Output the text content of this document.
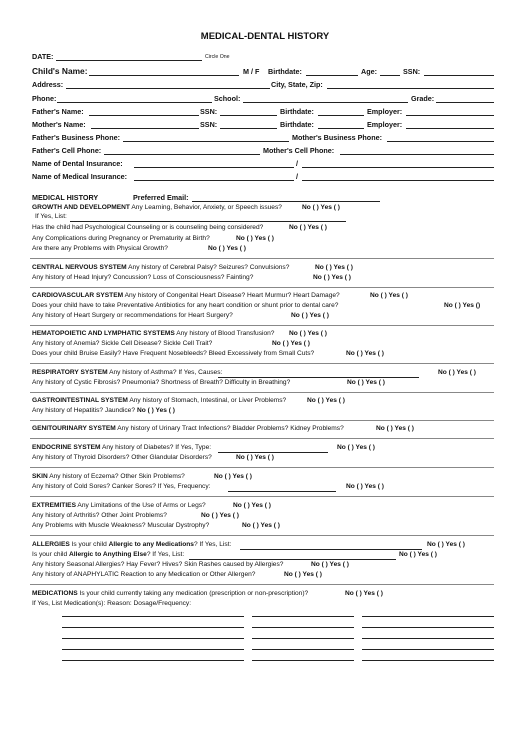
MEDICAL-DENTAL HISTORY
DATE:	Circle One
Child's Name:	M / F Birthdate:	Age:	SSN:
Address:	City, State, Zip:
Phone:	School:	Grade:
Father's Name:	SSN:	Birthdate:	Employer:
Mother's Name:	SSN:	Birthdate:	Employer:
Father's Business Phone:	Mother's Business Phone:
Father's Cell Phone:	Mother's Cell Phone:
Name of Dental Insurance:	/
Name of Medical Insurance:	/
MEDICAL HISTORY	Preferred Email:
GROWTH AND DEVELOPMENT Any Learning, Behavior, Anxiety, or Speech issues?	No ( ) Yes ( )
If Yes, List:
Has the child had Psychological Counseling or is counseling being considered?	No ( ) Yes ( )
Any Complications during Pregnancy or Prematurity at Birth?	No ( ) Yes ( )
Are there any Problems with Physical Growth?	No ( ) Yes ( )
CENTRAL NERVOUS SYSTEM Any history of Cerebral Palsy? Seizures? Convulsions?	No ( ) Yes ( )
Any history of Head Injury? Concussion? Loss of Consciousness? Fainting?	No ( ) Yes ( )
CARDIOVASCULAR SYSTEM Any history of Congenital Heart Disease? Heart Murmur? Heart Damage?	No ( ) Yes ( )
Does your child have to take Preventative Antibiotics for any heart condition or shunt prior to dental care?	No ( ) Yes ()
Any history of Heart Surgery or recommendations for Heart Surgery?	No ( ) Yes ( )
HEMATOPOIETIC AND LYMPHATIC SYSTEMS Any history of Blood Transfusion? No ( ) Yes ( )
Any history of Anemia? Sickle Cell Disease? Sickle Cell Trait?	No ( ) Yes ( )
Does your child Bruise Easily? Have Frequent Nosebleeds? Bleed Excessively from Small Cuts?	No ( ) Yes ( )
RESPIRATORY SYSTEM Any history of Asthma? If Yes, Causes:	No ( ) Yes ( )
Any history of Cystic Fibrosis? Pneumonia? Shortness of Breath? Difficulty in Breathing?	No ( ) Yes ( )
GASTROINTESTINAL SYSTEM Any history of Stomach, Intestinal, or Liver Problems?	No ( ) Yes ( )
Any history of Hepatitis? Jaundice? No ( ) Yes ( )
GENITOURINARY SYSTEM Any history of Urinary Tract Infections? Bladder Problems? Kidney Problems?	No ( ) Yes ( )
ENDOCRINE SYSTEM Any history of Diabetes? If Yes, Type:	No ( ) Yes ( )
Any history of Thyroid Disorders? Other Glandular Disorders?	No ( ) Yes ( )
SKIN Any history of Eczema? Other Skin Problems?	No ( ) Yes ( )
Any history of Cold Sores? Canker Sores? If Yes, Frequency:	No ( ) Yes ( )
EXTREMITIES Any Limitations of the Use of Arms or Legs?	No ( ) Yes ( )
Any history of Arthritis? Other Joint Problems?	No ( ) Yes ( )
Any Problems with Muscle Weakness? Muscular Dystrophy?	No ( ) Yes ( )
ALLERGIES Is your child Allergic to any Medications? If Yes, List:	No ( ) Yes ( )
Is your child Allergic to Anything Else? If Yes, List:	No ( ) Yes ( )
Any history Seasonal Allergies? Hay Fever? Hives? Skin Rashes caused by Allergies?	No ( ) Yes ( )
Any history of ANAPHYLATIC Reaction to any Medication or Other Allergen?	No ( ) Yes ( )
MEDICATIONS Is your child currently taking any medication (prescription or non-prescription)?	No ( ) Yes ( )
If Yes, List Medication(s): Reason: Dosage/Frequency:
